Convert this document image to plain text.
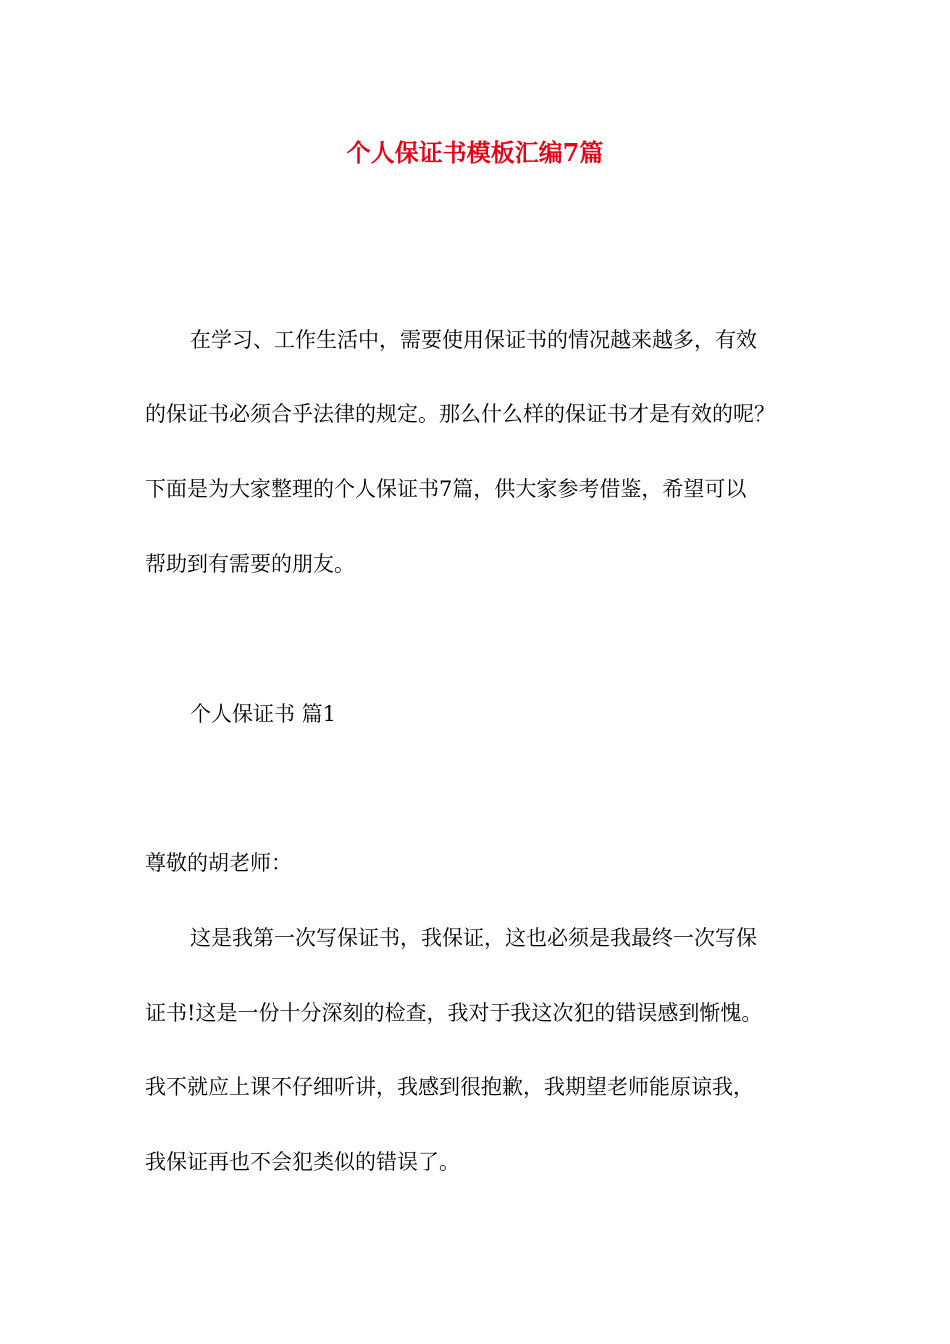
个人保证书模板汇编7篇
在学习、工作生活中，需要使用保证书的情况越来越多，有效
的保证书必须合乎法律的规定。那么什么样的保证书才是有效的呢？
下面是为大家整理的个人保证书7篇，供大家参考借鉴，希望可以
帮助到有需要的朋友。
个人保证书 篇1
尊敬的胡老师：
这是我第一次写保证书，我保证，这也必须是我最终一次写保
证书!这是一份十分深刻的检查，我对于我这次犯的错误感到惭愧。
我不就应上课不仔细听讲，我感到很抱歉，我期望老师能原谅我，
我保证再也不会犯类似的错误了。
